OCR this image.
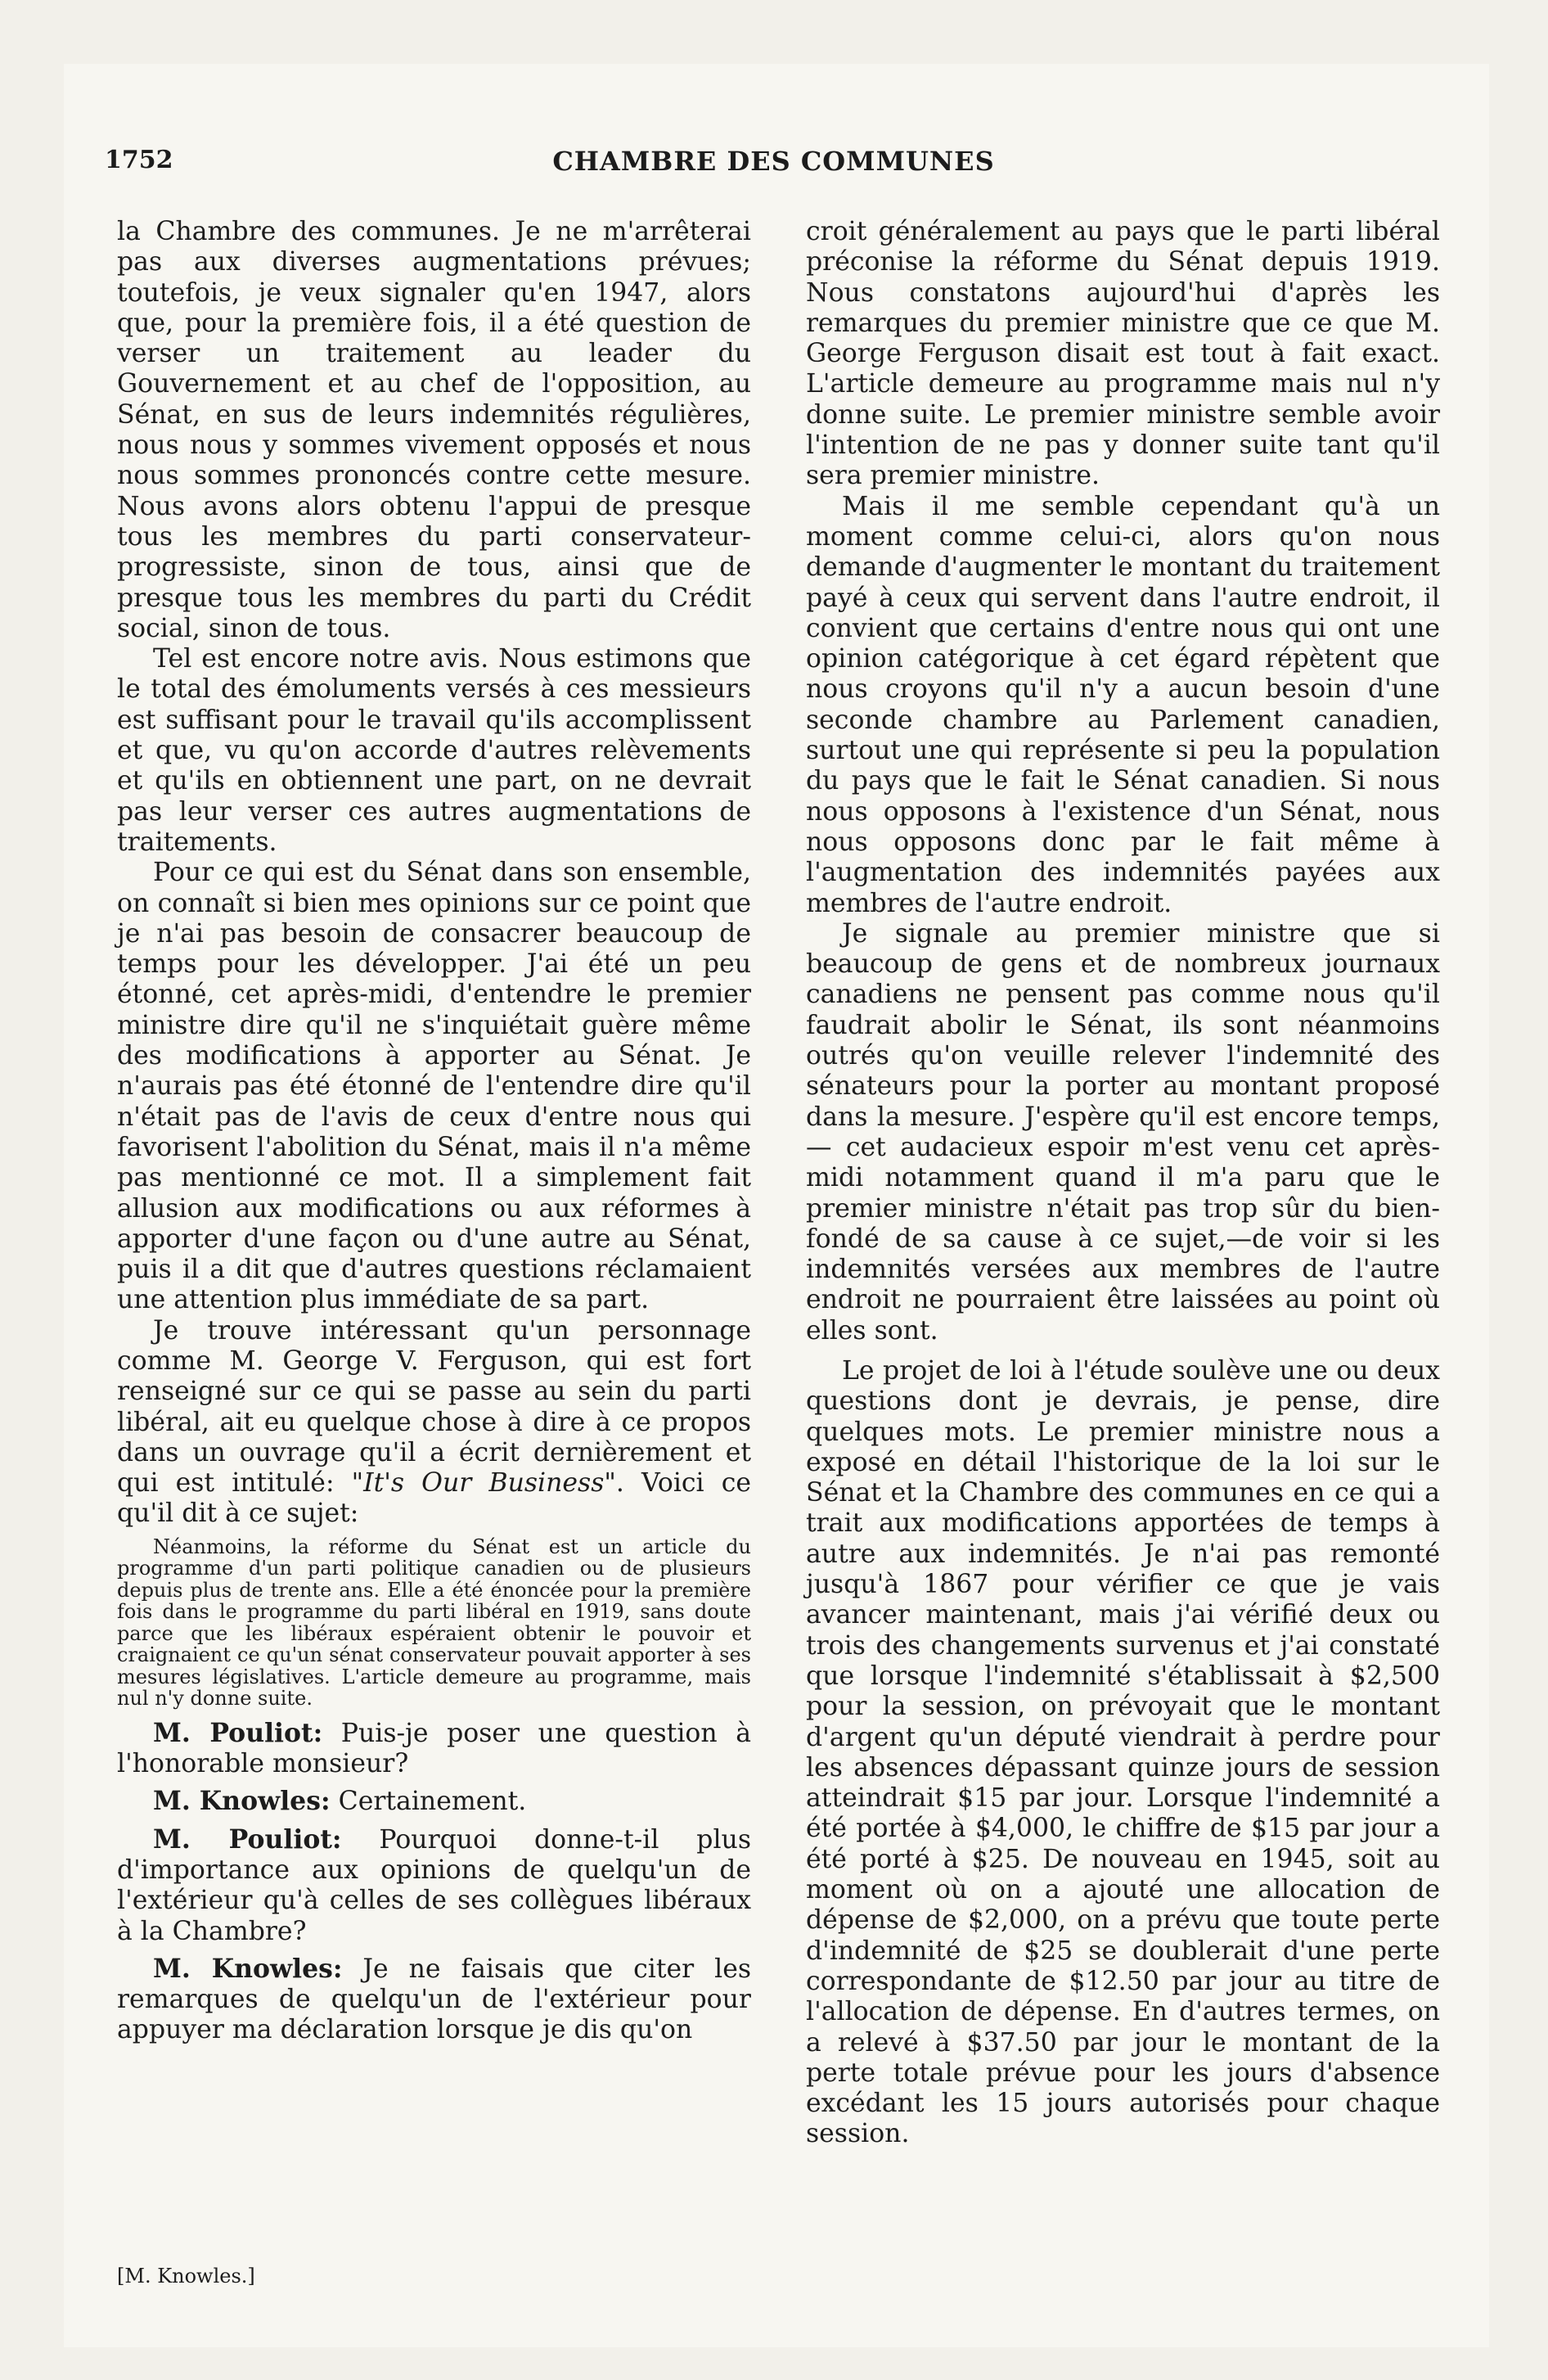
1752	CHAMBRE DES COMMUNES

la Chambre des communes. Je ne m'arrêterai pas aux diverses augmentations prévues; toutefois, je veux signaler qu'en 1947, alors que, pour la première fois, il a été question de verser un traitement au leader du Gouvernement et au chef de l'opposition, au Sénat, en sus de leurs indemnités régulières, nous nous y sommes vivement opposés et nous nous sommes prononcés contre cette mesure. Nous avons alors obtenu l'appui de presque tous les membres du parti conservateur-progressiste, sinon de tous, ainsi que de presque tous les membres du parti du Crédit social, sinon de tous.

Tel est encore notre avis. Nous estimons que le total des émoluments versés à ces messieurs est suffisant pour le travail qu'ils accomplissent et que, vu qu'on accorde d'autres relèvements et qu'ils en obtiennent une part, on ne devrait pas leur verser ces autres augmentations de traitements.

Pour ce qui est du Sénat dans son ensemble, on connaît si bien mes opinions sur ce point que je n'ai pas besoin de consacrer beaucoup de temps pour les développer. J'ai été un peu étonné, cet après-midi, d'entendre le premier ministre dire qu'il ne s'inquiétait guère même des modifications à apporter au Sénat. Je n'aurais pas été étonné de l'entendre dire qu'il n'était pas de l'avis de ceux d'entre nous qui favorisent l'abolition du Sénat, mais il n'a même pas mentionné ce mot. Il a simplement fait allusion aux modifications ou aux réformes à apporter d'une façon ou d'une autre au Sénat, puis il a dit que d'autres questions réclamaient une attention plus immédiate de sa part.

Je trouve intéressant qu'un personnage comme M. George V. Ferguson, qui est fort renseigné sur ce qui se passe au sein du parti libéral, ait eu quelque chose à dire à ce propos dans un ouvrage qu'il a écrit dernièrement et qui est intitulé: "It's Our Business". Voici ce qu'il dit à ce sujet:

Néanmoins, la réforme du Sénat est un article du programme d'un parti politique canadien ou de plusieurs depuis plus de trente ans. Elle a été énoncée pour la première fois dans le programme du parti libéral en 1919, sans doute parce que les libéraux espéraient obtenir le pouvoir et craignaient ce qu'un sénat conservateur pouvait apporter à ses mesures législatives. L'article demeure au programme, mais nul n'y donne suite.

M. Pouliot: Puis-je poser une question à l'honorable monsieur?

M. Knowles: Certainement.

M. Pouliot: Pourquoi donne-t-il plus d'importance aux opinions de quelqu'un de l'extérieur qu'à celles de ses collègues libéraux à la Chambre?

M. Knowles: Je ne faisais que citer les remarques de quelqu'un de l'extérieur pour appuyer ma déclaration lorsque je dis qu'on

[M. Knowles.]

croit généralement au pays que le parti libéral préconise la réforme du Sénat depuis 1919. Nous constatons aujourd'hui d'après les remarques du premier ministre que ce que M. George Ferguson disait est tout à fait exact. L'article demeure au programme mais nul n'y donne suite. Le premier ministre semble avoir l'intention de ne pas y donner suite tant qu'il sera premier ministre.

Mais il me semble cependant qu'à un moment comme celui-ci, alors qu'on nous demande d'augmenter le montant du traitement payé à ceux qui servent dans l'autre endroit, il convient que certains d'entre nous qui ont une opinion catégorique à cet égard répètent que nous croyons qu'il n'y a aucun besoin d'une seconde chambre au Parlement canadien, surtout une qui représente si peu la population du pays que le fait le Sénat canadien. Si nous nous opposons à l'existence d'un Sénat, nous nous opposons donc par le fait même à l'augmentation des indemnités payées aux membres de l'autre endroit.

Je signale au premier ministre que si beaucoup de gens et de nombreux journaux canadiens ne pensent pas comme nous qu'il faudrait abolir le Sénat, ils sont néanmoins outrés qu'on veuille relever l'indemnité des sénateurs pour la porter au montant proposé dans la mesure. J'espère qu'il est encore temps,— cet audacieux espoir m'est venu cet après-midi notamment quand il m'a paru que le premier ministre n'était pas trop sûr du bien-fondé de sa cause à ce sujet,—de voir si les indemnités versées aux membres de l'autre endroit ne pourraient être laissées au point où elles sont.

Le projet de loi à l'étude soulève une ou deux questions dont je devrais, je pense, dire quelques mots. Le premier ministre nous a exposé en détail l'historique de la loi sur le Sénat et la Chambre des communes en ce qui a trait aux modifications apportées de temps à autre aux indemnités. Je n'ai pas remonté jusqu'à 1867 pour vérifier ce que je vais avancer maintenant, mais j'ai vérifié deux ou trois des changements survenus et j'ai constaté que lorsque l'indemnité s'établissait à $2,500 pour la session, on prévoyait que le montant d'argent qu'un député viendrait à perdre pour les absences dépassant quinze jours de session atteindrait $15 par jour. Lorsque l'indemnité a été portée à $4,000, le chiffre de $15 par jour a été porté à $25. De nouveau en 1945, soit au moment où on a ajouté une allocation de dépense de $2,000, on a prévu que toute perte d'indemnité de $25 se doublerait d'une perte correspondante de $12.50 par jour au titre de l'allocation de dépense. En d'autres termes, on a relevé à $37.50 par jour le montant de la perte totale prévue pour les jours d'absence excédant les 15 jours autorisés pour chaque session.
